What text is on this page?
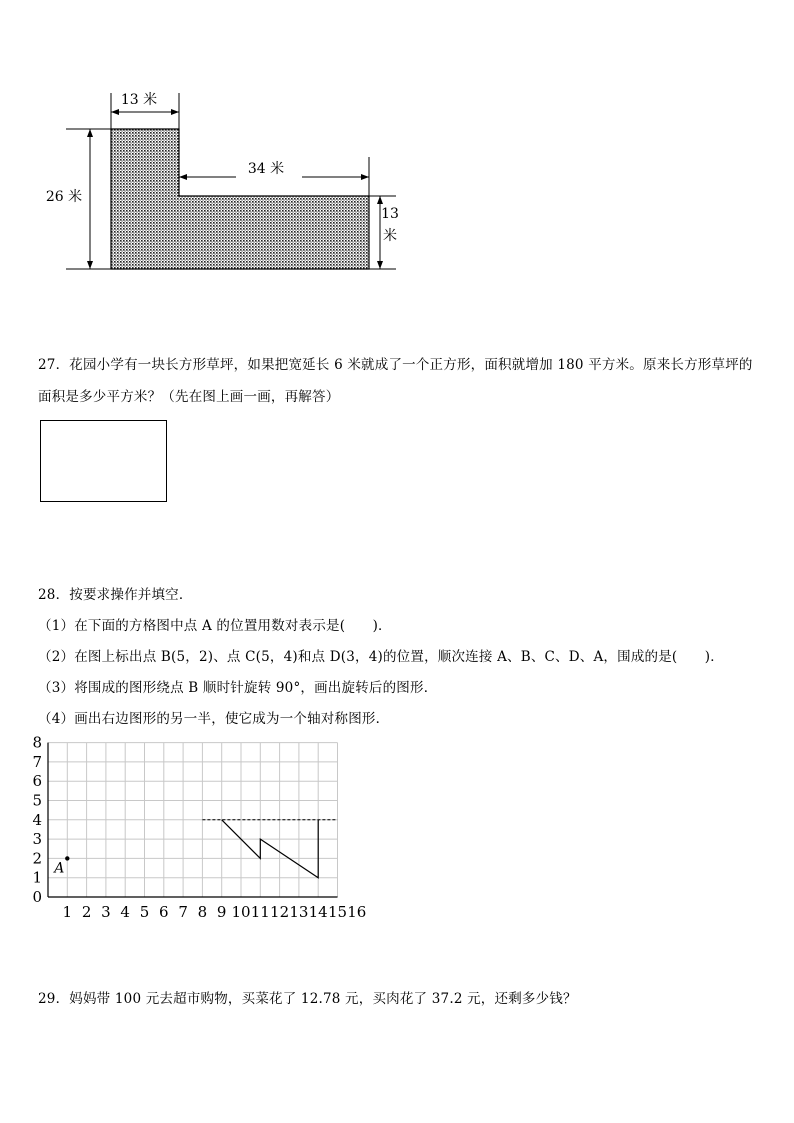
13 米
26 米
34 米
13
米
27．花园小学有一块长方形草坪，如果把宽延长 6 米就成了一个正方形，面积就增加 180 平方米。原来长方形草坪的
面积是多少平方米？（先在图上画一画，再解答）
28．按要求操作并填空．
（1）在下面的方格图中点 A 的位置用数对表示是(　　)．
（2）在图上标出点 B(5，2)、点 C(5，4)和点 D(3，4)的位置，顺次连接 A、B、C、D、A，围成的是(　　)．
（3）将围成的图形绕点 B 顺时针旋转 90°，画出旋转后的图形．
（4）画出右边图形的另一半，使它成为一个轴对称图形．
0
1
2
3
4
5
6
7
8
1 2 3 4 5 6 7 8 9 10 11 12 13 14 15 16
A
29．妈妈带 100 元去超市购物，买菜花了 12.78 元，买肉花了 37.2 元，还剩多少钱？
